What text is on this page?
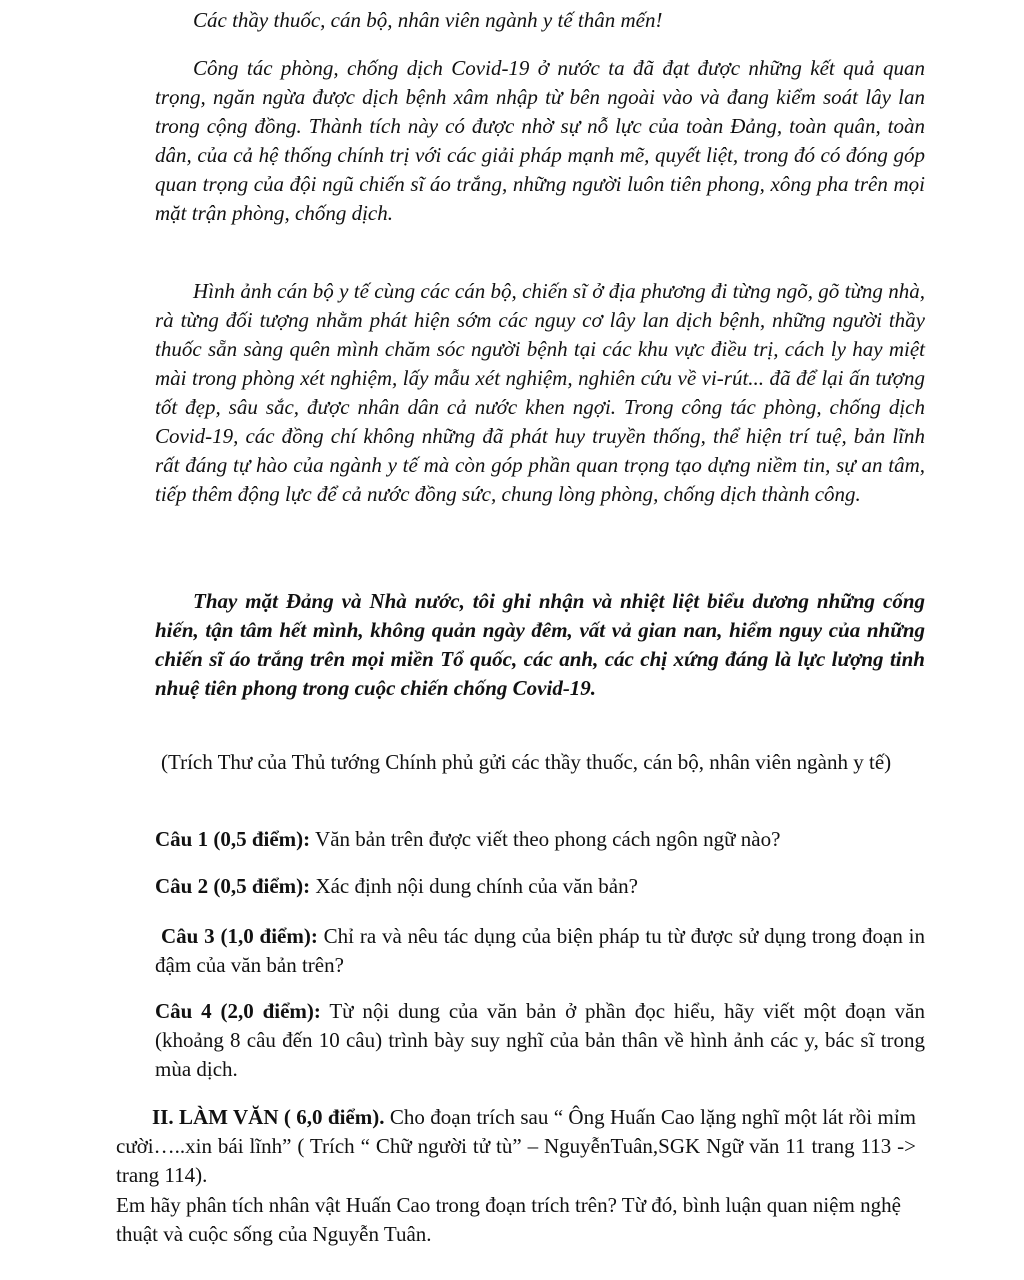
Các thầy thuốc, cán bộ, nhân viên ngành y tế thân mến!

Công tác phòng, chống dịch Covid-19 ở nước ta đã đạt được những kết quả quan trọng, ngăn ngừa được dịch bệnh xâm nhập từ bên ngoài vào và đang kiểm soát lây lan trong cộng đồng. Thành tích này có được nhờ sự nỗ lực của toàn Đảng, toàn quân, toàn dân, của cả hệ thống chính trị với các giải pháp mạnh mẽ, quyết liệt, trong đó có đóng góp quan trọng của đội ngũ chiến sĩ áo trắng, những người luôn tiên phong, xông pha trên mọi mặt trận phòng, chống dịch.

Hình ảnh cán bộ y tế cùng các cán bộ, chiến sĩ ở địa phương đi từng ngõ, gõ từng nhà, rà từng đối tượng nhằm phát hiện sớm các nguy cơ lây lan dịch bệnh, những người thầy thuốc sẵn sàng quên mình chăm sóc người bệnh tại các khu vực điều trị, cách ly hay miệt mài trong phòng xét nghiệm, lấy mẫu xét nghiệm, nghiên cứu về vi-rút... đã để lại ấn tượng tốt đẹp, sâu sắc, được nhân dân cả nước khen ngợi. Trong công tác phòng, chống dịch Covid-19, các đồng chí không những đã phát huy truyền thống, thể hiện trí tuệ, bản lĩnh rất đáng tự hào của ngành y tế mà còn góp phần quan trọng tạo dựng niềm tin, sự an tâm, tiếp thêm động lực để cả nước đồng sức, chung lòng phòng, chống dịch thành công.

Thay mặt Đảng và Nhà nước, tôi ghi nhận và nhiệt liệt biểu dương những cống hiến, tận tâm hết mình, không quản ngày đêm, vất vả gian nan, hiểm nguy của những chiến sĩ áo trắng trên mọi miền Tổ quốc, các anh, các chị xứng đáng là lực lượng tinh nhuệ tiên phong trong cuộc chiến chống Covid-19.

(Trích Thư của Thủ tướng Chính phủ gửi các thầy thuốc, cán bộ, nhân viên ngành y tế)

Câu 1 (0,5 điểm): Văn bản trên được viết theo phong cách ngôn ngữ nào?

Câu 2 (0,5 điểm): Xác định nội dung chính của văn bản?

Câu 3 (1,0 điểm): Chỉ ra và nêu tác dụng của biện pháp tu từ được sử dụng trong đoạn in đậm của văn bản trên?

Câu 4 (2,0 điểm): Từ nội dung của văn bản ở phần đọc hiểu, hãy viết một đoạn văn (khoảng 8 câu đến 10 câu) trình bày suy nghĩ của bản thân về hình ảnh các y, bác sĩ trong mùa dịch.

II. LÀM VĂN ( 6,0 điểm). Cho đoạn trích sau “ Ông Huấn Cao lặng nghĩ một lát rồi mỉm cười…..xin bái lĩnh” ( Trích “ Chữ người tử tù” – NguyễnTuân,SGK Ngữ văn 11 trang 113 -> trang 114).

Em hãy phân tích nhân vật Huấn Cao trong đoạn trích trên? Từ đó, bình luận quan niệm nghệ thuật và cuộc sống của Nguyễn Tuân.
